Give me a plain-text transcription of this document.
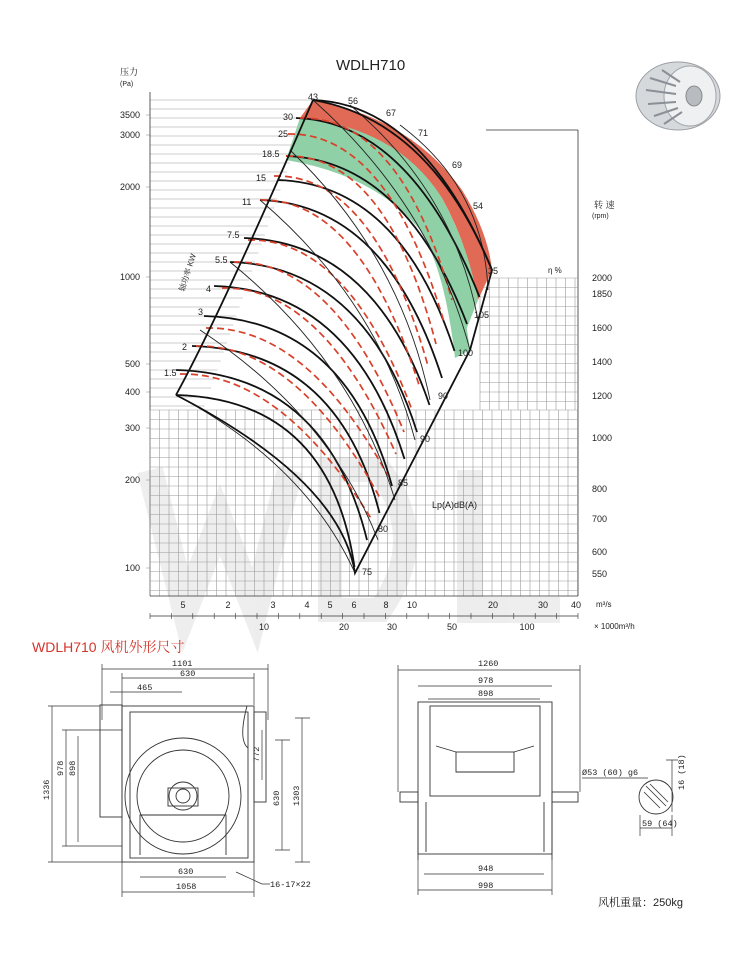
WDLH710
压力
(Pa)
3500
3000
2000
1000
500
400
300
200
100
转 速
(rpm)
η %
2000
1850
1600
1400
1200
1000
800
700
600
550
轴功率 KW
30
25
18.5
15
11
7.5
5.5
4
3
2
1.5
43	56
67
71
69
54
35
105
100
90
90
85
80
75
Lp(A)dB(A)
5	2	3	4 5 6	8 10	20	30	40
10	20	30	50	100
m³/s
× 1000m³/h
WDLH710 风机外形尺寸
1101
630
465
1336
978 898
772
630 1303
630
1058	16-17×22
1260
978
898
948
998
Ø53 (60) g6	16 (18)
59 (64)
风机重量：250kg
